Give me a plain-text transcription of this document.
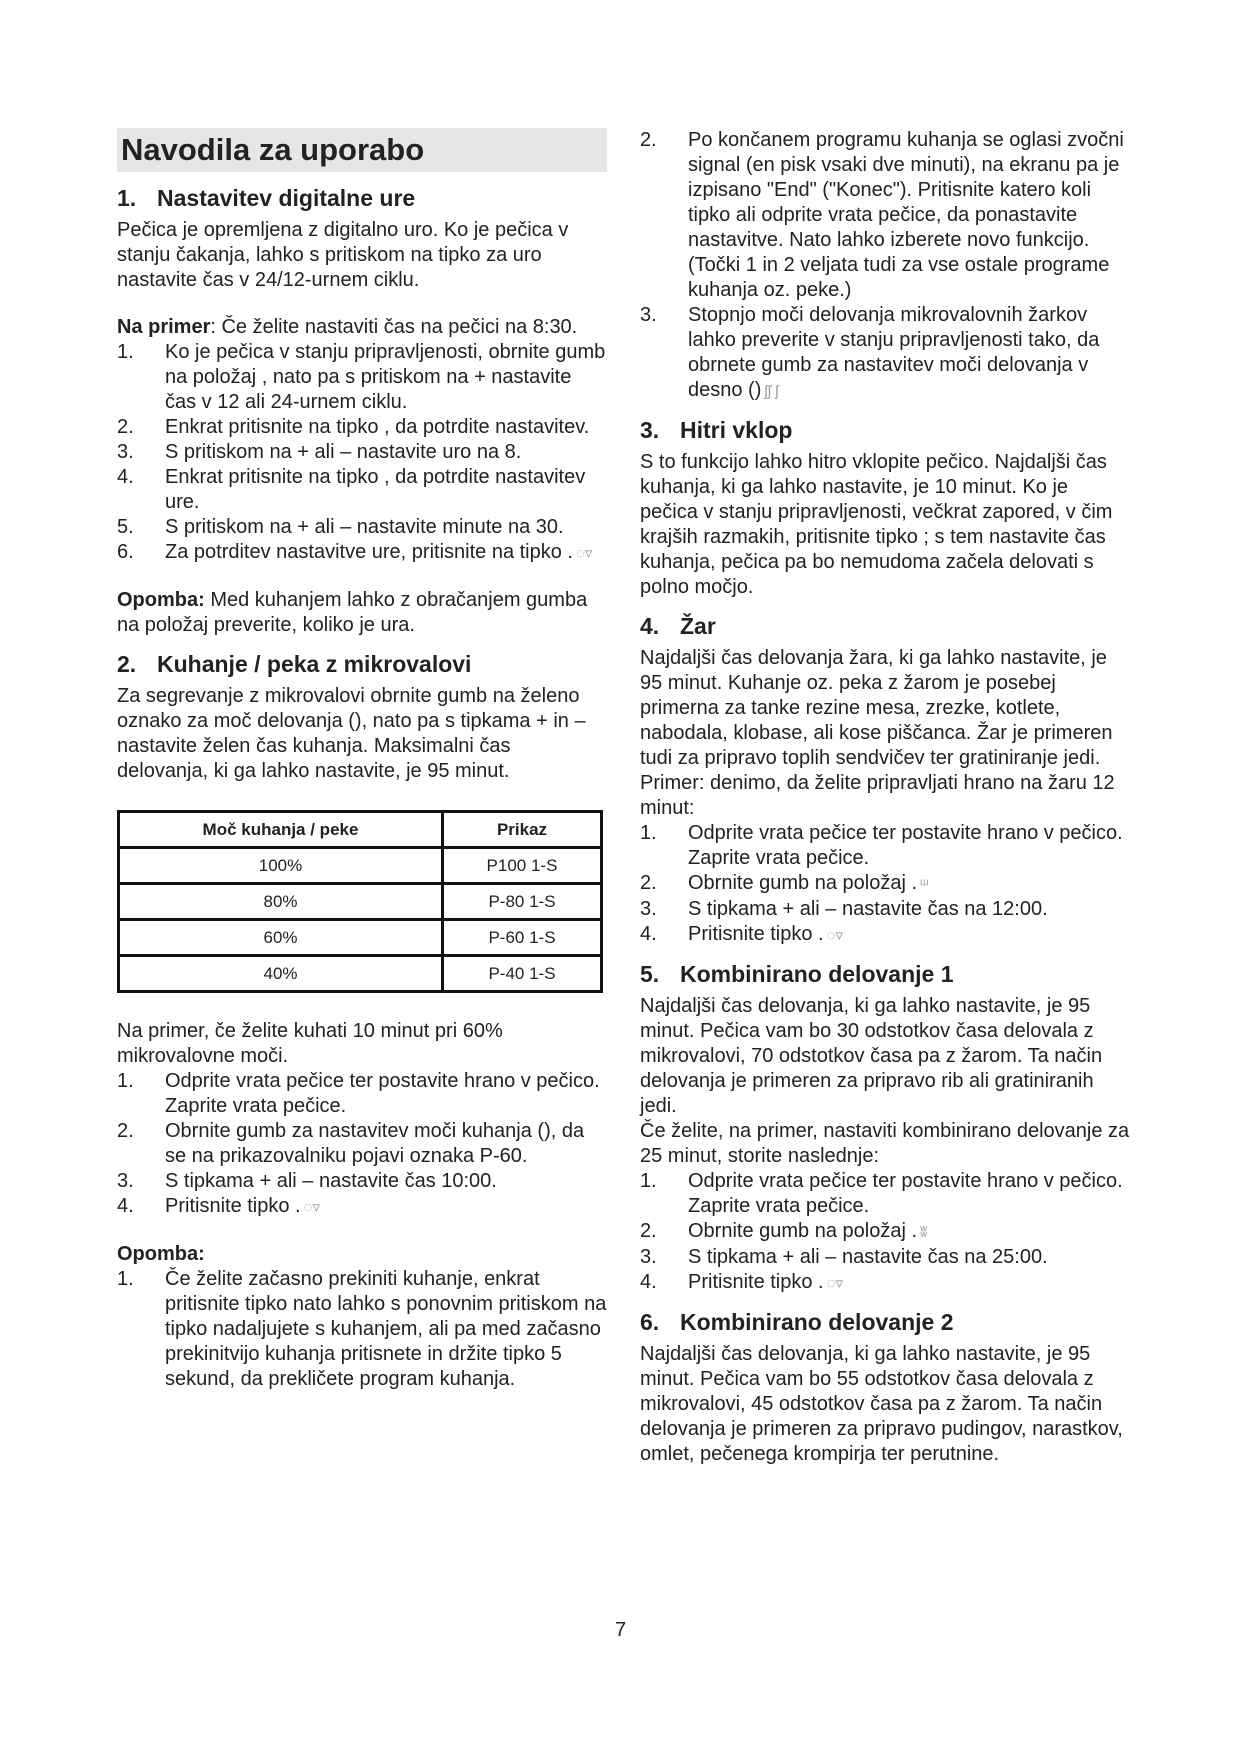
Navodila za uporabo
1. Nastavitev digitalne ure

Pečica je opremljena z digitalno uro. Ko je pečica v stanju čakanja, lahko s pritiskom na tipko za uro nastavite čas v 24/12-urnem ciklu.

Na primer: Če želite nastaviti čas na pečici na 8:30.

1. Ko je pečica v stanju pripravljenosti, obrnite gumb na položaj , nato pa s pritiskom na + nastavite čas v 12 ali 24-urnem ciklu.
2. Enkrat pritisnite na tipko , da potrdite nastavitev.
3. S pritiskom na + ali – nastavite uro na 8.
4. Enkrat pritisnite na tipko , da potrdite nastavitev ure.
5. S pritiskom na + ali – nastavite minute na 30.
6. Za potrditev nastavitve ure, pritisnite na tipko . ◌▿

Opomba: Med kuhanjem lahko z obračanjem gumba na položaj preverite, koliko je ura.

2. Kuhanje / peka z mikrovalovi

Za segrevanje z mikrovalovi obrnite gumb na želeno oznako za moč delovanja (), nato pa s tipkama + in – nastavite želen čas kuhanja. Maksimalni čas delovanja, ki ga lahko nastavite, je 95 minut.

Moč kuhanja / peke	Prikaz
100%	P100 1-S
80%	P-80 1-S
60%	P-60 1-S
40%	P-40 1-S

Na primer, če želite kuhati 10 minut pri 60% mikrovalovne moči.

1. Odprite vrata pečice ter postavite hrano v pečico. Zaprite vrata pečice.
2. Obrnite gumb za nastavitev moči kuhanja (), da se na prikazovalniku pojavi oznaka P-60.
3. S tipkama + ali – nastavite čas 10:00.
4. Pritisnite tipko . ◌▿

Opomba:

1. Če želite začasno prekiniti kuhanje, enkrat pritisnite tipko nato lahko s ponovnim pritiskom na tipko nadaljujete s kuhanjem, ali pa med začasno prekinitvijo kuhanja pritisnete in držite tipko 5 sekund, da prekličete program kuhanja.
2. Po končanem programu kuhanja se oglasi zvočni signal (en pisk vsaki dve minuti), na ekranu pa je izpisano "End" ("Konec"). Pritisnite katero koli tipko ali odprite vrata pečice, da ponastavite nastavitve. Nato lahko izberete novo funkcijo. (Točki 1 in 2 veljata tudi za vse ostale programe kuhanja oz. peke.)
3. Stopnjo moči delovanja mikrovalovnih žarkov lahko preverite v stanju pripravljenosti tako, da obrnete gumb za nastavitev moči delovanja v desno () ʃʃ ʃ
3. Hitri vklop

S to funkcijo lahko hitro vklopite pečico. Najdaljši čas kuhanja, ki ga lahko nastavite, je 10 minut. Ko je pečica v stanju pripravljenosti, večkrat zapored, v čim krajših razmakih, pritisnite tipko ; s tem nastavite čas kuhanja, pečica pa bo nemudoma začela delovati s polno močjo.

4. Žar

Najdaljši čas delovanja žara, ki ga lahko nastavite, je 95 minut. Kuhanje oz. peka z žarom je posebej primerna za tanke rezine mesa, zrezke, kotlete, nabodala, klobase, ali kose piščanca. Žar je primeren tudi za pripravo toplih sendvičev ter gratiniranje jedi.

Primer: denimo, da želite pripravljati hrano na žaru 12 minut:

1. Odprite vrata pečice ter postavite hrano v pečico. Zaprite vrata pečice.
2. Obrnite gumb na položaj . ᵚ
3. S tipkama + ali – nastavite čas na 12:00.
4. Pritisnite tipko . ◌▿
5. Kombinirano delovanje 1

Najdaljši čas delovanja, ki ga lahko nastavite, je 95 minut. Pečica vam bo 30 odstotkov časa delovala z mikrovalovi, 70 odstotkov časa pa z žarom. Ta način delovanja je primeren za pripravo rib ali gratiniranih jedi.

Če želite, na primer, nastaviti kombinirano delovanje za 25 minut, storite naslednje:

1. Odprite vrata pečice ter postavite hrano v pečico. Zaprite vrata pečice.
2. Obrnite gumb na položaj . ʬ
3. S tipkama + ali – nastavite čas na 25:00.
4. Pritisnite tipko . ◌▿
6. Kombinirano delovanje 2

Najdaljši čas delovanja, ki ga lahko nastavite, je 95 minut. Pečica vam bo 55 odstotkov časa delovala z mikrovalovi, 45 odstotkov časa pa z žarom. Ta način delovanja je primeren za pripravo pudingov, narastkov, omlet, pečenega krompirja ter perutnine.

7
